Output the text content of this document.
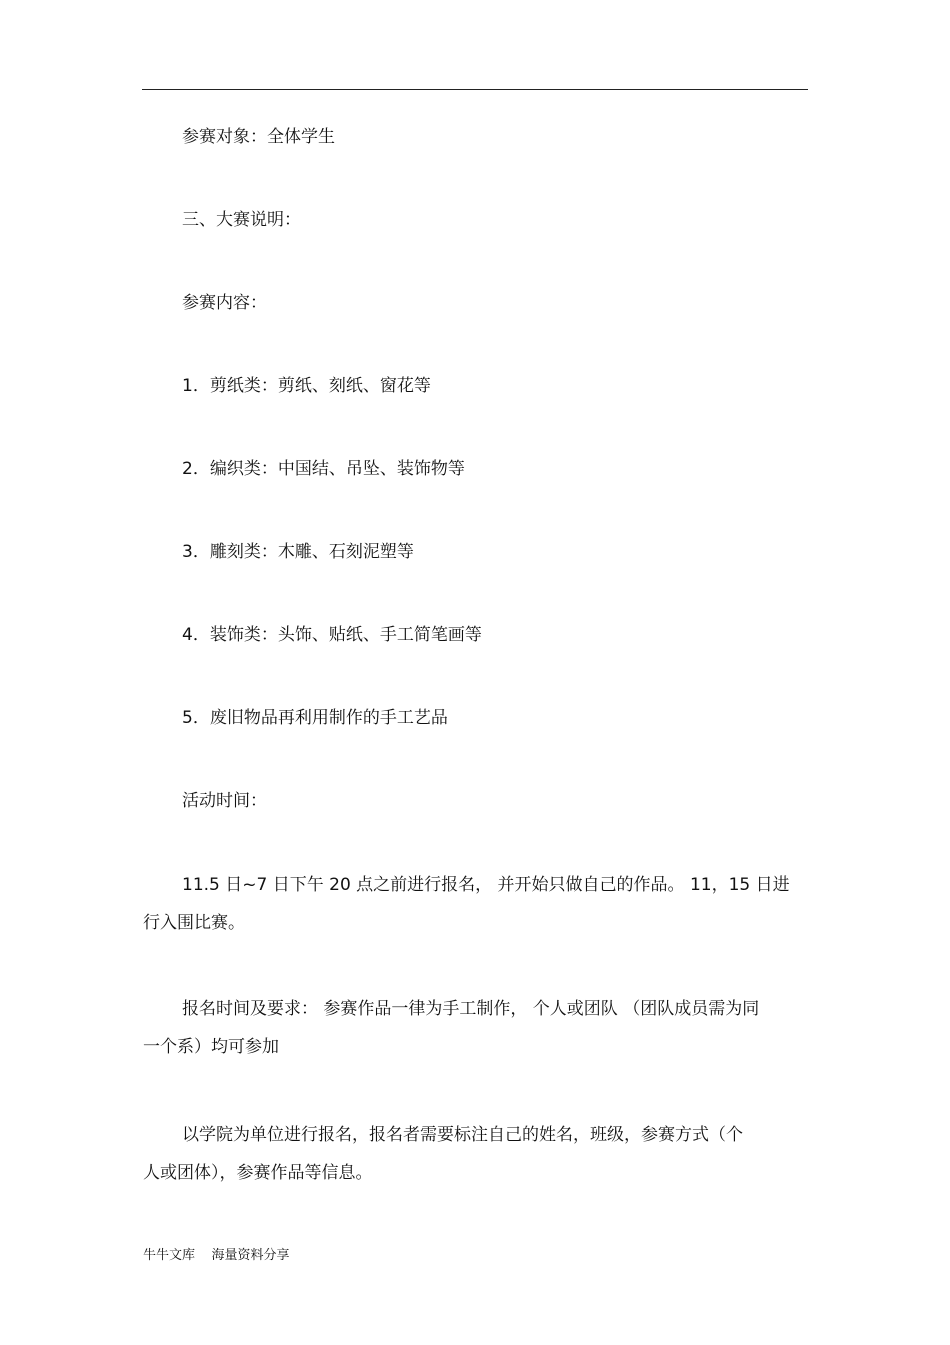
参赛对象：全体学生
三、大赛说明：
参赛内容：
1．剪纸类：剪纸、刻纸、窗花等
2．编织类：中国结、吊坠、装饰物等
3．雕刻类：木雕、石刻泥塑等
4．装饰类：头饰、贴纸、手工简笔画等
5．废旧物品再利用制作的手工艺品
活动时间：
11.5 日~7 日下午 20 点之前进行报名， 并开始只做自己的作品。 11，15 日进
行入围比赛。
报名时间及要求： 参赛作品一律为手工制作， 个人或团队 （团队成员需为同
一个系）均可参加
以学院为单位进行报名，报名者需要标注自己的姓名，班级，参赛方式（个
人或团体），参赛作品等信息。
牛牛文库    海量资料分享
